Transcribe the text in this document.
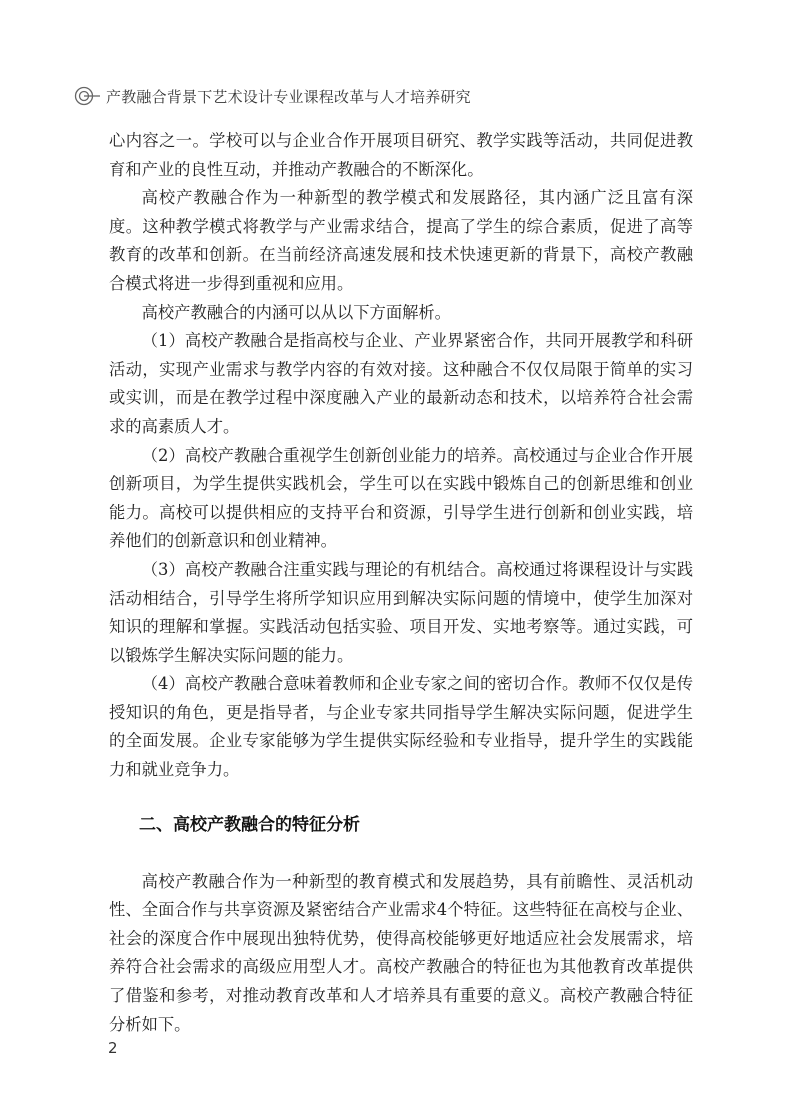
产教融合背景下艺术设计专业课程改革与人才培养研究

心内容之一。学校可以与企业合作开展项目研究、教学实践等活动，共同促进教育和产业的良性互动，并推动产教融合的不断深化。

高校产教融合作为一种新型的教学模式和发展路径，其内涵广泛且富有深度。这种教学模式将教学与产业需求结合，提高了学生的综合素质，促进了高等教育的改革和创新。在当前经济高速发展和技术快速更新的背景下，高校产教融合模式将进一步得到重视和应用。

高校产教融合的内涵可以从以下方面解析。

（1）高校产教融合是指高校与企业、产业界紧密合作，共同开展教学和科研活动，实现产业需求与教学内容的有效对接。这种融合不仅仅局限于简单的实习或实训，而是在教学过程中深度融入产业的最新动态和技术，以培养符合社会需求的高素质人才。

（2）高校产教融合重视学生创新创业能力的培养。高校通过与企业合作开展创新项目，为学生提供实践机会，学生可以在实践中锻炼自己的创新思维和创业能力。高校可以提供相应的支持平台和资源，引导学生进行创新和创业实践，培养他们的创新意识和创业精神。

（3）高校产教融合注重实践与理论的有机结合。高校通过将课程设计与实践活动相结合，引导学生将所学知识应用到解决实际问题的情境中，使学生加深对知识的理解和掌握。实践活动包括实验、项目开发、实地考察等。通过实践，可以锻炼学生解决实际问题的能力。

（4）高校产教融合意味着教师和企业专家之间的密切合作。教师不仅仅是传授知识的角色，更是指导者，与企业专家共同指导学生解决实际问题，促进学生的全面发展。企业专家能够为学生提供实际经验和专业指导，提升学生的实践能力和就业竞争力。

二、高校产教融合的特征分析

高校产教融合作为一种新型的教育模式和发展趋势，具有前瞻性、灵活机动性、全面合作与共享资源及紧密结合产业需求4个特征。这些特征在高校与企业、社会的深度合作中展现出独特优势，使得高校能够更好地适应社会发展需求，培养符合社会需求的高级应用型人才。高校产教融合的特征也为其他教育改革提供了借鉴和参考，对推动教育改革和人才培养具有重要的意义。高校产教融合特征分析如下。

2
